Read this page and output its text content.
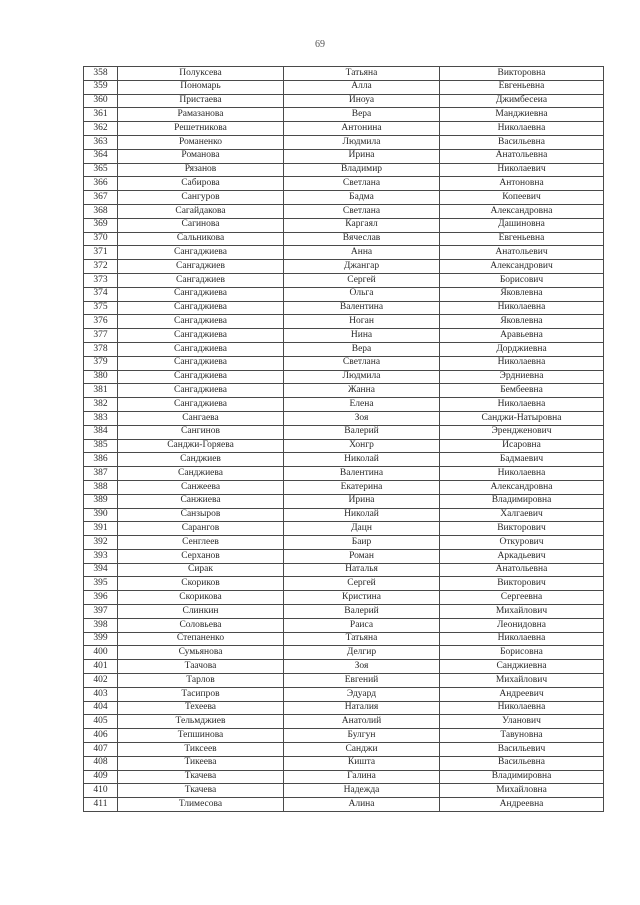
69
358	Полуксева	Татьяна	Викторовна
359	Пономарь	Алла	Евгеньевна
360	Пристаева	Иноуа	Джимбесеиа
361	Рамазанова	Вера	Манджиевна
362	Решетникова	Антонина	Николаевна
363	Романенко	Людмила	Васильевна
364	Романова	Ирина	Анатольевна
365	Рязанов	Владимир	Николаевич
366	Сабирова	Светлана	Антоновна
367	Сангуров	Бадма	Копеевич
368	Сагайдакова	Светлана	Александровна
369	Сагинова	Каргаял	Дашиновна
370	Сальникова	Вячеслав	Евгеньевна
371	Сангаджиева	Анна	Анатольевич
372	Сангаджиев	Джангар	Александрович
373	Сангаджиев	Сергей	Борисович
374	Сангаджиева	Ольга	Яковлевна
375	Сангаджиева	Валентина	Николаевна
376	Сангаджиева	Ноган	Яковлевна
377	Сангаджиева	Нина	Аравьевна
378	Сангаджиева	Вера	Дорджиевна
379	Сангаджиева	Светлана	Николаевна
380	Сангаджиева	Людмила	Эрдниевна
381	Сангаджиева	Жанна	Бембеевна
382	Сангаджиева	Елена	Николаевна
383	Сангаева	Зоя	Санджи-Натыровна
384	Сангинов	Валерий	Эрендженович
385	Санджи-Горяева	Хонгр	Исаровна
386	Санджиев	Николай	Бадмаевич
387	Санджиева	Валентина	Николаевна
388	Санжеева	Екатерина	Александровна
389	Санжиева	Ирина	Владимировна
390	Санзыров	Николай	Халгаевич
391	Сарангов	Дацн	Викторович
392	Сенглеев	Баир	Откурович
393	Серханов	Роман	Аркадьевич
394	Сирак	Наталья	Анатольевна
395	Скориков	Сергей	Викторович
396	Скорикова	Кристина	Сергеевна
397	Слинкин	Валерий	Михайлович
398	Соловьева	Раиса	Леонидовна
399	Степаненко	Татьяна	Николаевна
400	Сумьянова	Делгир	Борисовна
401	Таачова	Зоя	Санджиевна
402	Тарлов	Евгений	Михайлович
403	Тасипров	Эдуард	Андреевич
404	Техеева	Наталия	Николаевна
405	Тельмджиев	Анатолий	Уланович
406	Тепшинова	Булгун	Тавуновна
407	Тиксеев	Санджи	Васильевич
408	Тикеева	Кишта	Васильевна
409	Ткачева	Галина	Владимировна
410	Ткачева	Надежда	Михайловна
411	Тлимесова	Алина	Андреевна
